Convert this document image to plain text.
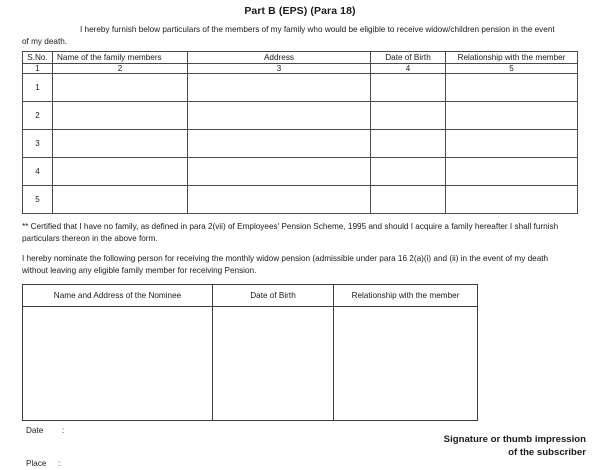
Part B (EPS) (Para 18)
I hereby furnish below particulars of the members of my family who would be eligible to receive widow/children pension in the event of my death.
S.No.	Name of the family members	Address	Date of Birth	Relationship with the member
1	2	3	4	5
1				
2				
3				
4				
5				
** Certified that I have no family, as defined in para 2(vii) of Employees' Pension Scheme, 1995 and should I acquire a family hereafter I shall furnish particulars thereon in the above form.
I hereby nominate the following person for receiving the monthly widow pension (admissible under para 16 2(a)(i) and (ii) in the event of my death without leaving any eligible family member for receiving Pension.
Name and Address of the Nominee	Date of Birth	Relationship with the member

Date :
Place :
Signature or thumb impression
of the subscriber
